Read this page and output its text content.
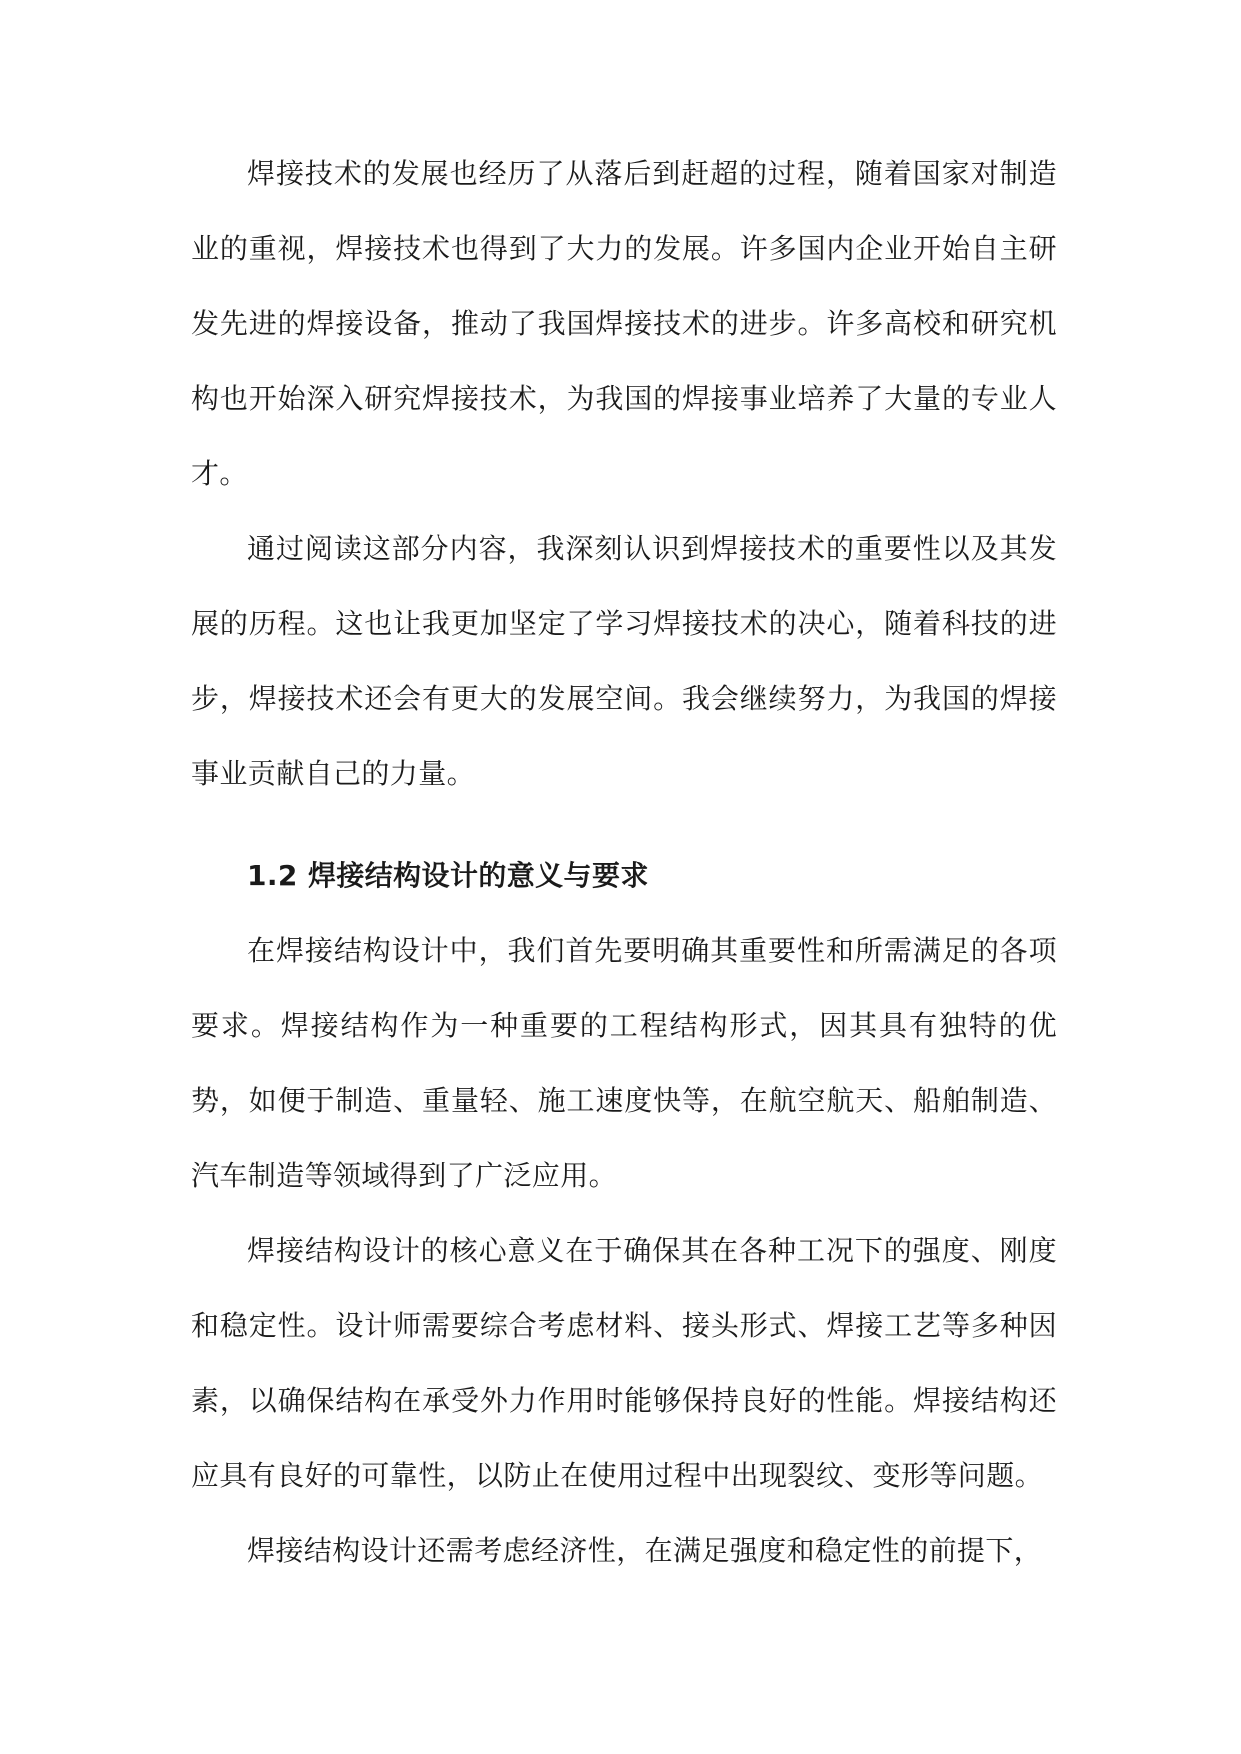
焊接技术的发展也经历了从落后到赶超的过程，随着国家对制造业的重视，焊接技术也得到了大力的发展。许多国内企业开始自主研发先进的焊接设备，推动了我国焊接技术的进步。许多高校和研究机构也开始深入研究焊接技术，为我国的焊接事业培养了大量的专业人才。

通过阅读这部分内容，我深刻认识到焊接技术的重要性以及其发展的历程。这也让我更加坚定了学习焊接技术的决心，随着科技的进步，焊接技术还会有更大的发展空间。我会继续努力，为我国的焊接事业贡献自己的力量。

1.2 焊接结构设计的意义与要求

在焊接结构设计中，我们首先要明确其重要性和所需满足的各项要求。焊接结构作为一种重要的工程结构形式，因其具有独特的优势，如便于制造、重量轻、施工速度快等，在航空航天、船舶制造、汽车制造等领域得到了广泛应用。

焊接结构设计的核心意义在于确保其在各种工况下的强度、刚度和稳定性。设计师需要综合考虑材料、接头形式、焊接工艺等多种因素，以确保结构在承受外力作用时能够保持良好的性能。焊接结构还应具有良好的可靠性，以防止在使用过程中出现裂纹、变形等问题。

焊接结构设计还需考虑经济性，在满足强度和稳定性的前提下，
